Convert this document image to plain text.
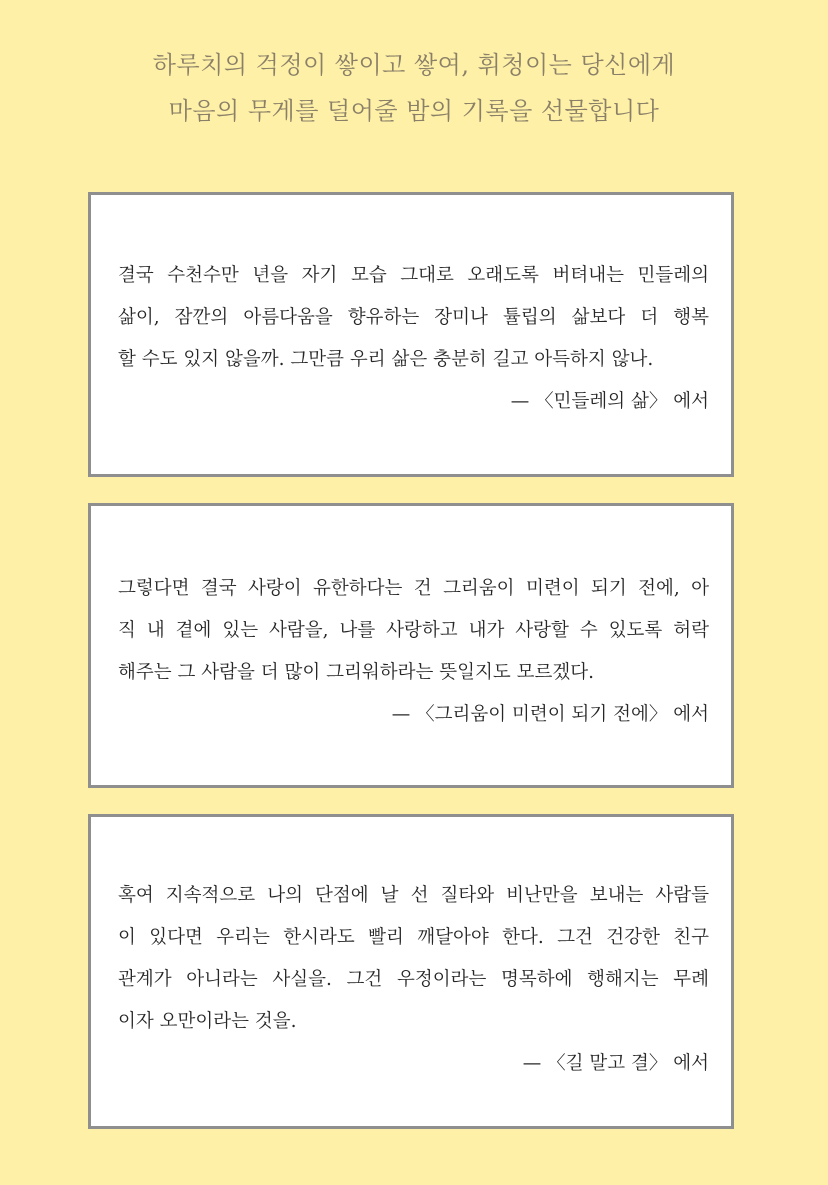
하루치의 걱정이 쌓이고 쌓여, 휘청이는 당신에게
마음의 무게를 덜어줄 밤의 기록을 선물합니다
결국 수천수만 년을 자기 모습 그대로 오래도록 버텨내는 민들레의
삶이, 잠깐의 아름다움을 향유하는 장미나 튤립의 삶보다 더 행복
할 수도 있지 않을까. 그만큼 우리 삶은 충분히 길고 아득하지 않나.
— 〈민들레의 삶〉 에서
그렇다면 결국 사랑이 유한하다는 건 그리움이 미련이 되기 전에, 아
직 내 곁에 있는 사람을, 나를 사랑하고 내가 사랑할 수 있도록 허락
해주는 그 사람을 더 많이 그리워하라는 뜻일지도 모르겠다.
— 〈그리움이 미련이 되기 전에〉 에서
혹여 지속적으로 나의 단점에 날 선 질타와 비난만을 보내는 사람들
이 있다면 우리는 한시라도 빨리 깨달아야 한다. 그건 건강한 친구
관계가 아니라는 사실을. 그건 우정이라는 명목하에 행해지는 무례
이자 오만이라는 것을.
— 〈길 말고 결〉 에서
